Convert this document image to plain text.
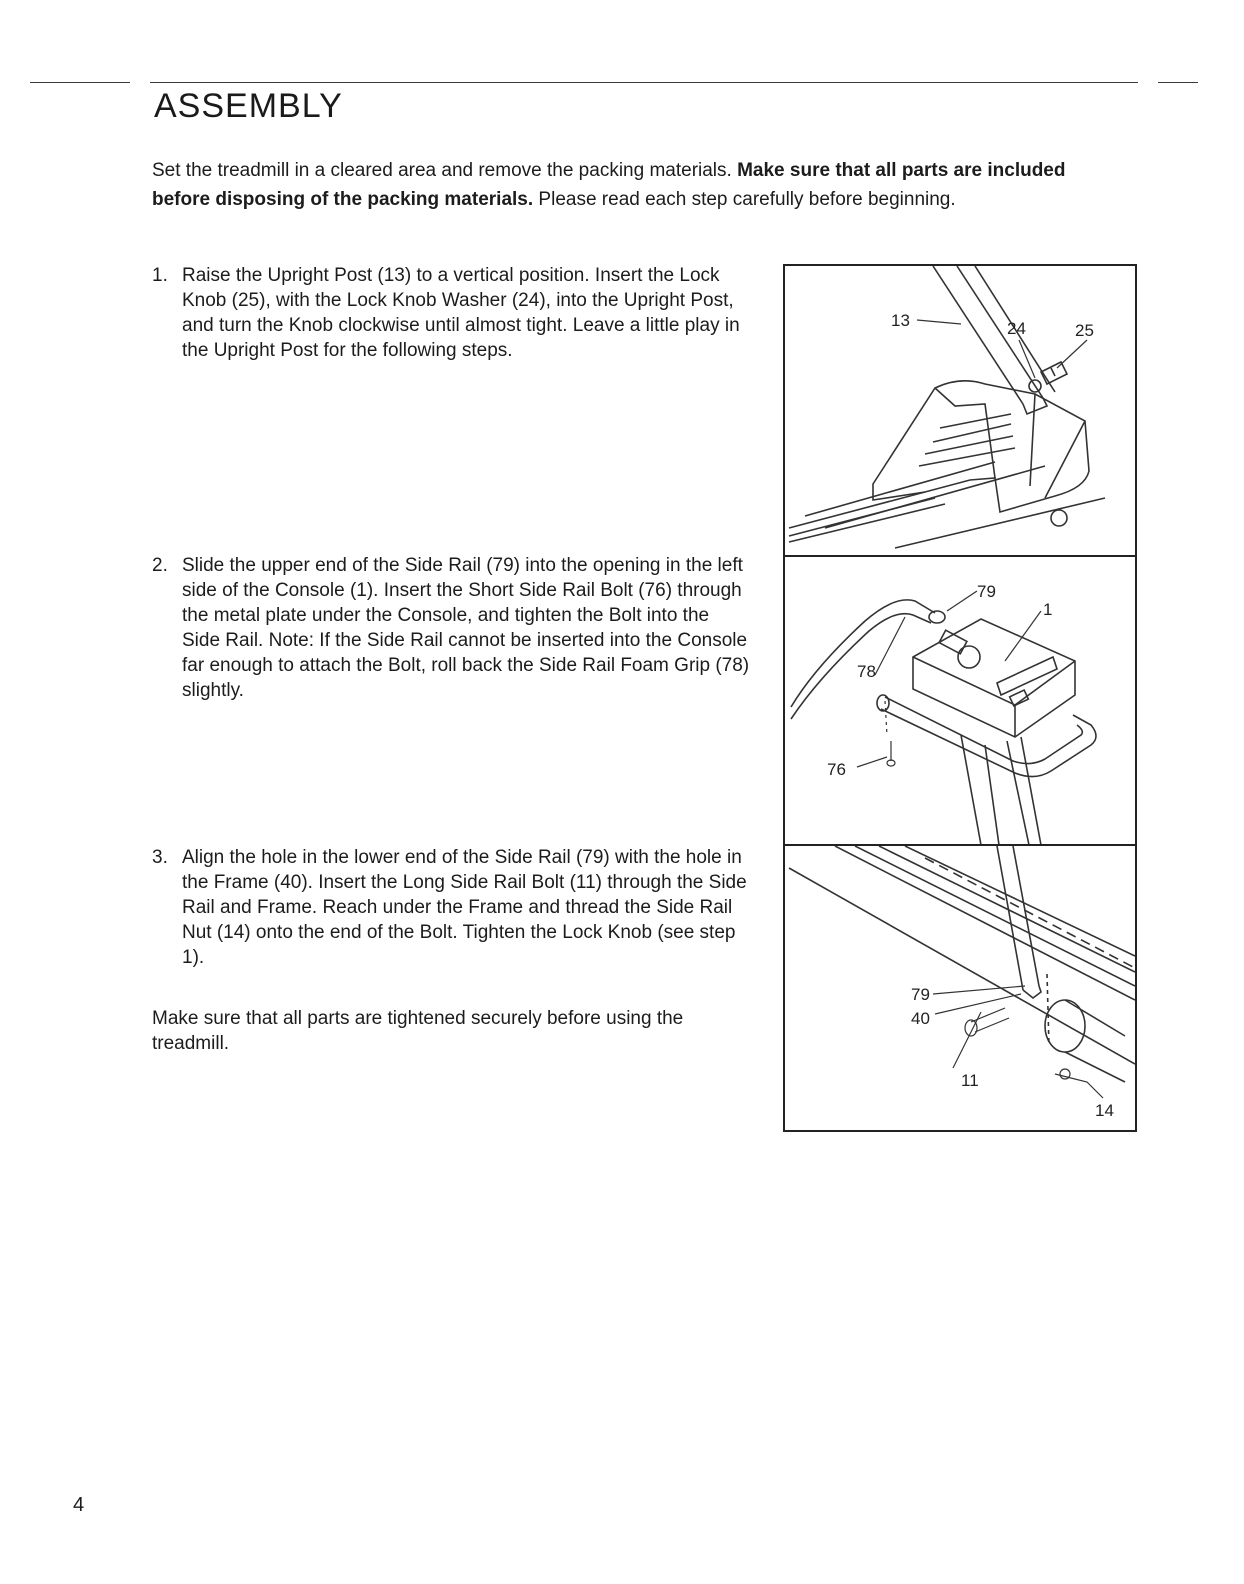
ASSEMBLY

Set the treadmill in a cleared area and remove the packing materials. Make sure that all parts are included before disposing of the packing materials. Please read each step carefully before beginning.

1. Raise the Upright Post (13) to a vertical position. Insert the Lock Knob (25), with the Lock Knob Washer (24), into the Upright Post, and turn the Knob clockwise until almost tight. Leave a little play in the Upright Post for the following steps.
2. Slide the upper end of the Side Rail (79) into the opening in the left side of the Console (1). Insert the Short Side Rail Bolt (76) through the metal plate under the Console, and tighten the Bolt into the Side Rail. Note: If the Side Rail cannot be inserted into the Console far enough to attach the Bolt, roll back the Side Rail Foam Grip (78) slightly.
3. Align the hole in the lower end of the Side Rail (79) with the hole in the Frame (40). Insert the Long Side Rail Bolt (11) through the Side Rail and Frame. Reach under the Frame and thread the Side Rail Nut (14) onto the end of the Bolt. Tighten the Lock Knob (see step 1).

Make sure that all parts are tightened securely before using the treadmill.

13	24	25
79
1
78
76
79
40
11
14
4
